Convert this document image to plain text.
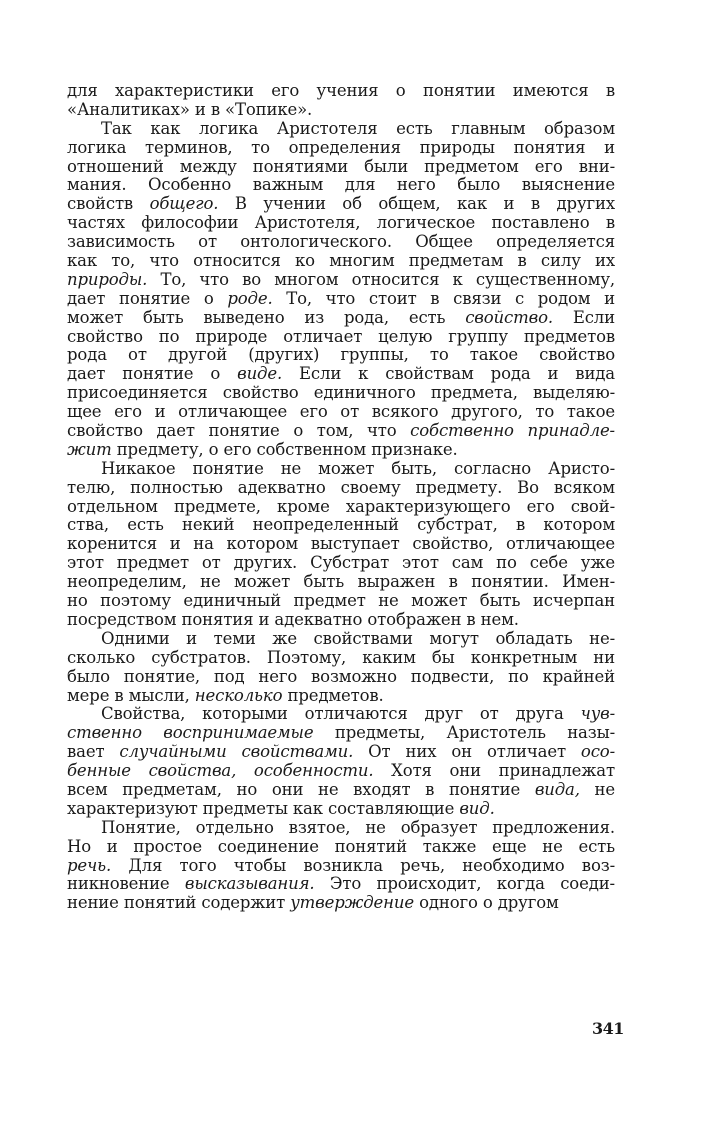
для характеристики его учения о понятии имеются в
«Аналитиках» и в «Топике».
Так как логика Аристотеля есть главным образом
логика терминов, то определения природы понятия и
отношений между понятиями были предметом его вни-
мания. Особенно важным для него было выяснение
свойств общего. В учении об общем, как и в других
частях философии Аристотеля, логическое поставлено в
зависимость от онтологического. Общее определяется
как то, что относится ко многим предметам в силу их
природы. То, что во многом относится к существенному,
дает понятие о роде. То, что стоит в связи с родом и
может быть выведено из рода, есть свойство. Если
свойство по природе отличает целую группу предметов
рода от другой (других) группы, то такое свойство
дает понятие о виде. Если к свойствам рода и вида
присоединяется свойство единичного предмета, выделяю-
щее его и отличающее его от всякого другого, то такое
свойство дает понятие о том, что собственно принадле-
жит предмету, о его собственном признаке.
Никакое понятие не может быть, согласно Аристо-
телю, полностью адекватно своему предмету. Во всяком
отдельном предмете, кроме характеризующего его свой-
ства, есть некий неопределенный субстрат, в котором
коренится и на котором выступает свойство, отличающее
этот предмет от других. Субстрат этот сам по себе уже
неопределим, не может быть выражен в понятии. Имен-
но поэтому единичный предмет не может быть исчерпан
посредством понятия и адекватно отображен в нем.
Одними и теми же свойствами могут обладать не-
сколько субстратов. Поэтому, каким бы конкретным ни
было понятие, под него возможно подвести, по крайней
мере в мысли, несколько предметов.
Свойства, которыми отличаются друг от друга чув-
ственно воспринимаемые предметы, Аристотель назы-
вает случайными свойствами. От них он отличает осо-
бенные свойства, особенности. Хотя они принадлежат
всем предметам, но они не входят в понятие вида, не
характеризуют предметы как составляющие вид.
Понятие, отдельно взятое, не образует предложения.
Но и простое соединение понятий также еще не есть
речь. Для того чтобы возникла речь, необходимо воз-
никновение высказывания. Это происходит, когда соеди-
нение понятий содержит утверждение одного о другом
341
